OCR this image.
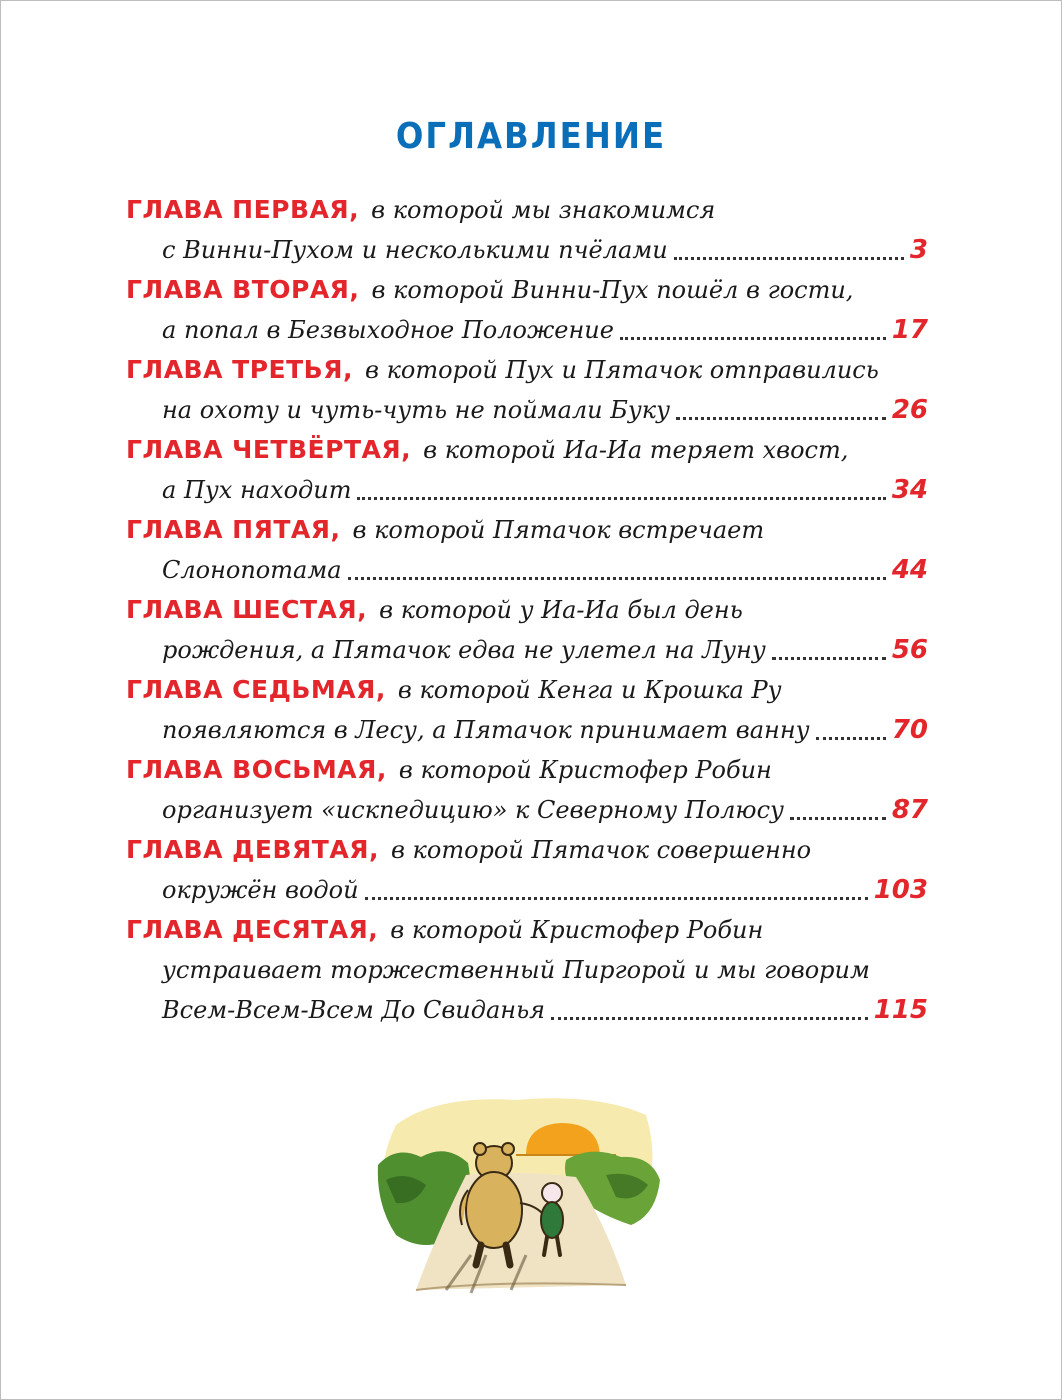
ОГЛАВЛЕНИЕ
ГЛАВА ПЕРВАЯ, в которой мы знакомимся
с Винни-Пухом и несколькими пчёлами	3
ГЛАВА ВТОРАЯ, в которой Винни-Пух пошёл в гости,
а попал в Безвыходное Положение	17
ГЛАВА ТРЕТЬЯ, в которой Пух и Пятачок отправились
на охоту и чуть-чуть не поймали Буку	26
ГЛАВА ЧЕТВЁРТАЯ, в которой Иа-Иа теряет хвост,
а Пух находит	34
ГЛАВА ПЯТАЯ, в которой Пятачок встречает
Слонопотама	44
ГЛАВА ШЕСТАЯ, в которой у Иа-Иа был день
рождения, а Пятачок едва не улетел на Луну	56
ГЛАВА СЕДЬМАЯ, в которой Кенга и Крошка Ру
появляются в Лесу, а Пятачок принимает ванну	70
ГЛАВА ВОСЬМАЯ, в которой Кристофер Робин
организует «искпедицию» к Северному Полюсу	87
ГЛАВА ДЕВЯТАЯ, в которой Пятачок совершенно
окружён водой	103
ГЛАВА ДЕСЯТАЯ, в которой Кристофер Робин
устраивает торжественный Пиргорой и мы говорим
Всем-Всем-Всем До Свиданья	115
